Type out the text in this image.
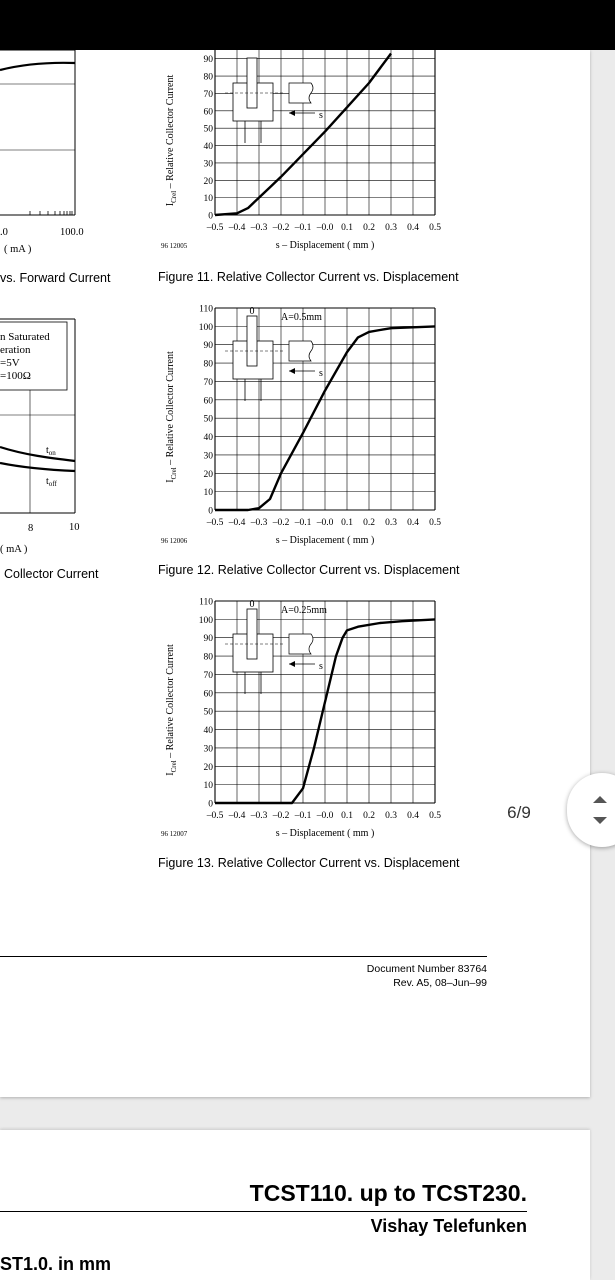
.0	100.0
( mA )
n Saturated
eration
=5V
=100Ω
$t_{on}$
$t_{off}$
8	10
( mA )
vs. Forward Current
Collector Current
–0.5 –0.4 –0.3 –0.2 –0.1 –0.0 0.1 0.2 0.3 0.4 0.5
0
10
20
30
40
50
60
70
80
90
s – Displacement ( mm )
96 12005
$I_{Crel}$ – Relative Collector Current	s
Figure 11. Relative Collector Current vs. Displacement
–0.5 –0.4 –0.3 –0.2 –0.1 –0.0 0.1 0.2 0.3 0.4 0.5
0
10
20
30
40
50
60
70
80
90
100
110
s – Displacement ( mm )
96 12006
$I_{Crel}$ – Relative Collector Current	s
0
A=0.5mm
Figure 12. Relative Collector Current vs. Displacement
–0.5 –0.4 –0.3 –0.2 –0.1 –0.0 0.1 0.2 0.3 0.4 0.5
0
10
20
30
40
50
60
70
80
90
100
110
s – Displacement ( mm )
96 12007
$I_{Crel}$ – Relative Collector Current	s
0
A=0.25mm
Figure 13. Relative Collector Current vs. Displacement
Document Number 83764
Rev. A5, 08–Jun–99
6/9
TCST110. up to TCST230.
Vishay Telefunken
ST1.0. in mm
